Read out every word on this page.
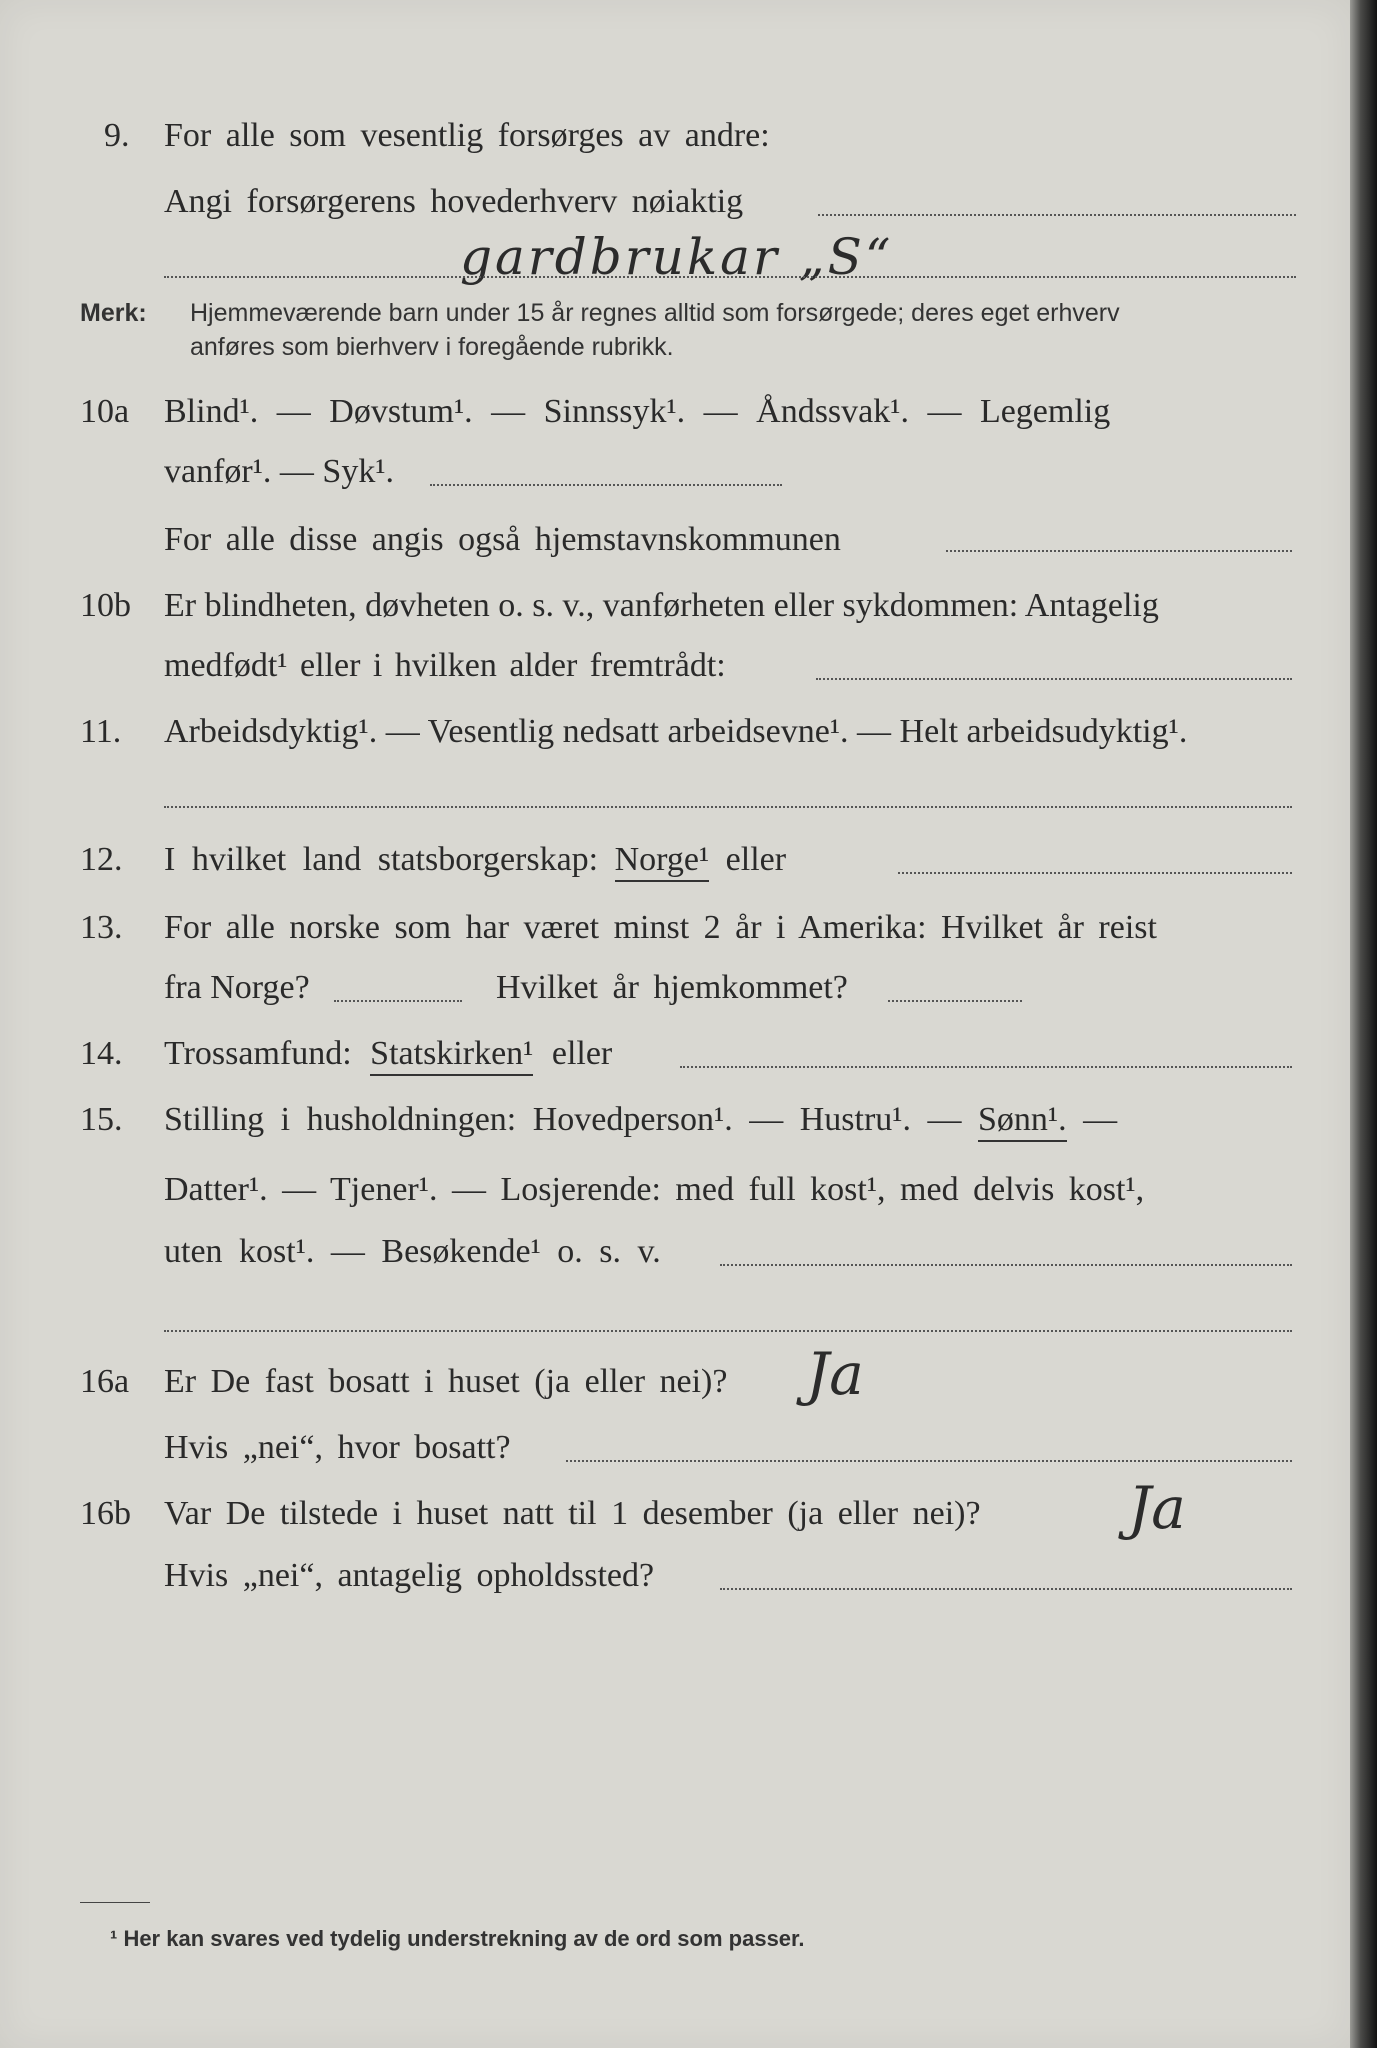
9. For alle som vesentlig forsørges av andre:
Angi forsørgerens hovederhverv nøiaktig
gardbrukar „S“
Merk: Hjemmeværende barn under 15 år regnes alltid som forsørgede; deres eget erhverv
anføres som bierhverv i foregående rubrikk.
10a Blind¹. — Døvstum¹. — Sinnssyk¹. — Åndssvak¹. — Legemlig
vanfør¹. — Syk¹.
For alle disse angis også hjemstavnskommunen
10b Er blindheten, døvheten o. s. v., vanførheten eller sykdommen: Antagelig
medfødt¹ eller i hvilken alder fremtrådt:
11. Arbeidsdyktig¹. — Vesentlig nedsatt arbeidsevne¹. — Helt arbeidsudyktig¹.
12. I hvilket land statsborgerskap: Norge¹ eller
13. For alle norske som har været minst 2 år i Amerika: Hvilket år reist
fra Norge?	Hvilket år hjemkommet?
14. Trossamfund: Statskirken¹ eller
15. Stilling i husholdningen: Hovedperson¹. — Hustru¹. — Sønn¹. —
Datter¹. — Tjener¹. — Losjerende: med full kost¹, med delvis kost¹,
uten kost¹. — Besøkende¹ o. s. v.
16a Er De fast bosatt i huset (ja eller nei)? Ja
Hvis „nei“, hvor bosatt?
16b Var De tilstede i huset natt til 1 desember (ja eller nei)?	Ja
Hvis „nei“, antagelig opholdssted?
¹ Her kan svares ved tydelig understrekning av de ord som passer.
